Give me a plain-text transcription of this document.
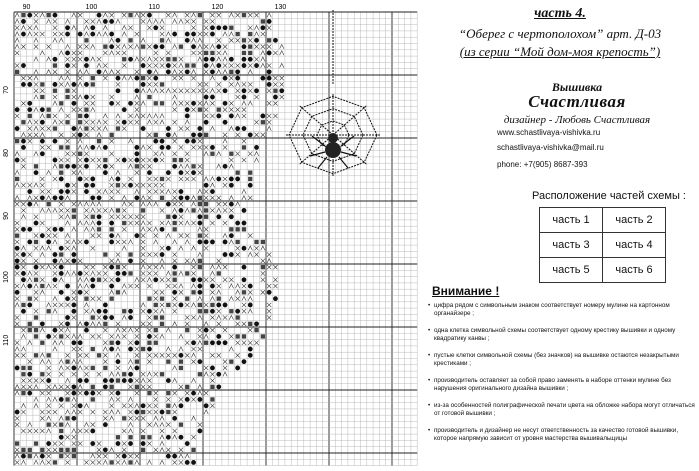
90	100	110	120	130
70
80
90
100
110
часть 4.
“Оберег с чертополохом” арт. Д-03
(из серии “Мой дом-моя крепость”)
Вышивка
Счастливая
дизайнер - Любовь Счастливая
www.schastlivaya-vishivka.ru
schastlivaya-vishivka@mail.ru
phone: +7(905) 8687-393
Расположение частей схемы :
часть 1	часть 2
часть 3	часть 4
часть 5	часть 6
Внимание !
• цифра рядом с символьным знаком соответствует номеру мулине на картонном органайзере ;
• одна клетка символьной схемы соответствует одному крестику вышивки и одному квадратику канвы ;
• пустые клетки символьной схемы (без значков) на вышивке остаются незакрытыми крестиками ;
• производитель оставляет за собой право заменять в наборе оттенки мулине без нарушения оригинального дизайна вышивки ;
• из-за особенностей полиграфической печати цвета на обложке набора могут отличаться от готовой вышивки ;
• производитель и дизайнер не несут ответственность за качество готовой вышивки, которое напрямую зависит от уровня мастерства вышивальщицы
